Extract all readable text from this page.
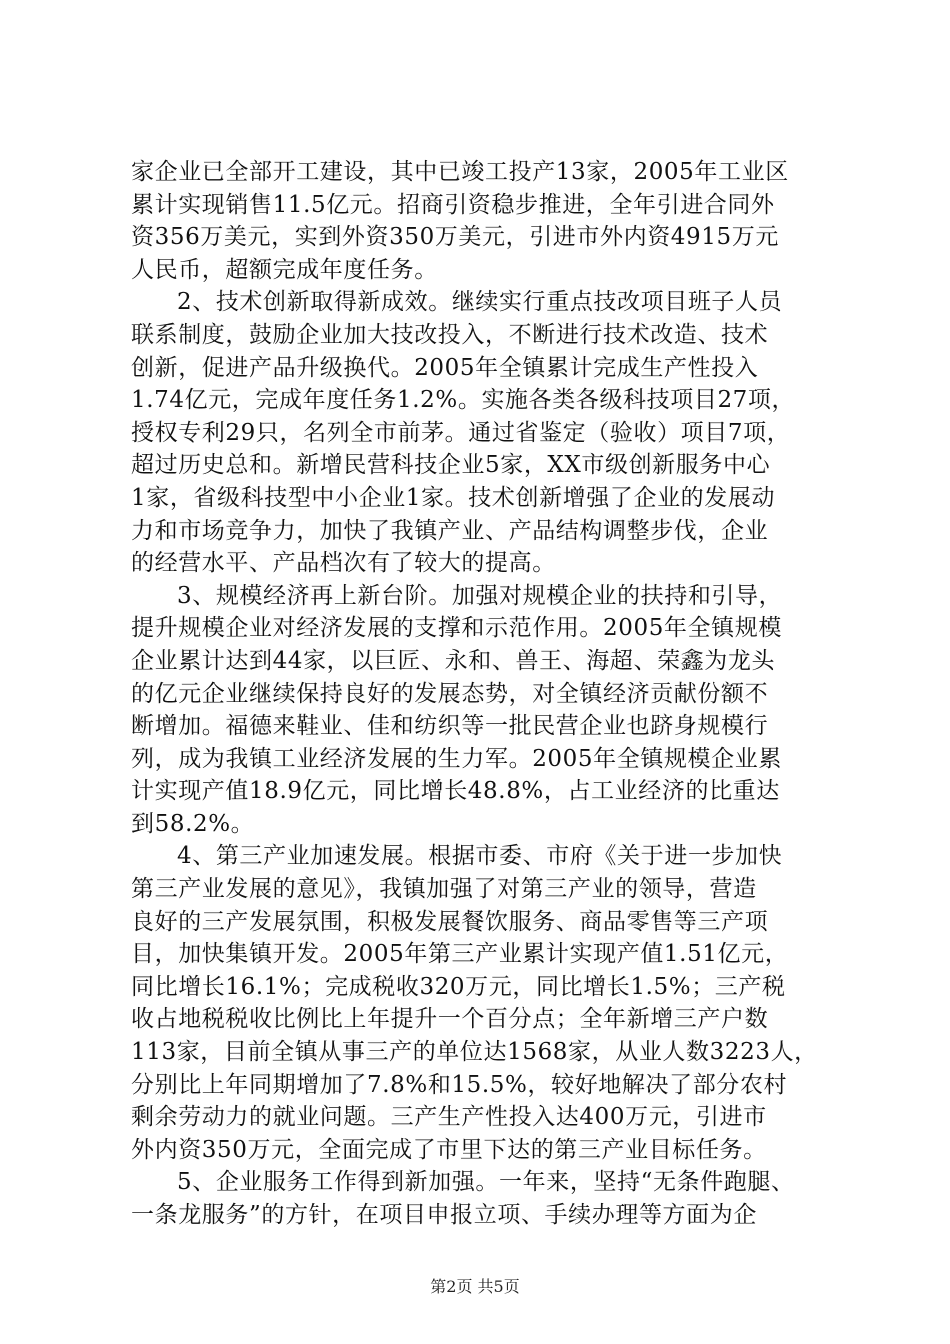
家企业已全部开工建设，其中已竣工投产13家，2005年工业区
累计实现销售11.5亿元。招商引资稳步推进，全年引进合同外
资356万美元，实到外资350万美元，引进市外内资4915万元
人民币，超额完成年度任务。
2、技术创新取得新成效。继续实行重点技改项目班子人员
联系制度，鼓励企业加大技改投入，不断进行技术改造、技术
创新，促进产品升级换代。2005年全镇累计完成生产性投入
1.74亿元，完成年度任务1.2%。实施各类各级科技项目27项，
授权专利29只，名列全市前茅。通过省鉴定（验收）项目7项，
超过历史总和。新增民营科技企业5家，XX市级创新服务中心
1家，省级科技型中小企业1家。技术创新增强了企业的发展动
力和市场竞争力，加快了我镇产业、产品结构调整步伐，企业
的经营水平、产品档次有了较大的提高。
3、规模经济再上新台阶。加强对规模企业的扶持和引导，
提升规模企业对经济发展的支撑和示范作用。2005年全镇规模
企业累计达到44家，以巨匠、永和、兽王、海超、荣鑫为龙头
的亿元企业继续保持良好的发展态势，对全镇经济贡献份额不
断增加。福德来鞋业、佳和纺织等一批民营企业也跻身规模行
列，成为我镇工业经济发展的生力军。2005年全镇规模企业累
计实现产值18.9亿元，同比增长48.8%，占工业经济的比重达
到58.2%。
4、第三产业加速发展。根据市委、市府《关于进一步加快
第三产业发展的意见》，我镇加强了对第三产业的领导，营造
良好的三产发展氛围，积极发展餐饮服务、商品零售等三产项
目，加快集镇开发。2005年第三产业累计实现产值1.51亿元，
同比增长16.1%；完成税收320万元，同比增长1.5%；三产税
收占地税税收比例比上年提升一个百分点；全年新增三产户数
113家，目前全镇从事三产的单位达1568家，从业人数3223人，
分别比上年同期增加了7.8%和15.5%，较好地解决了部分农村
剩余劳动力的就业问题。三产生产性投入达400万元，引进市
外内资350万元，全面完成了市里下达的第三产业目标任务。
5、企业服务工作得到新加强。一年来，坚持“无条件跑腿、
一条龙服务”的方针，在项目申报立项、手续办理等方面为企
第2页 共5页
